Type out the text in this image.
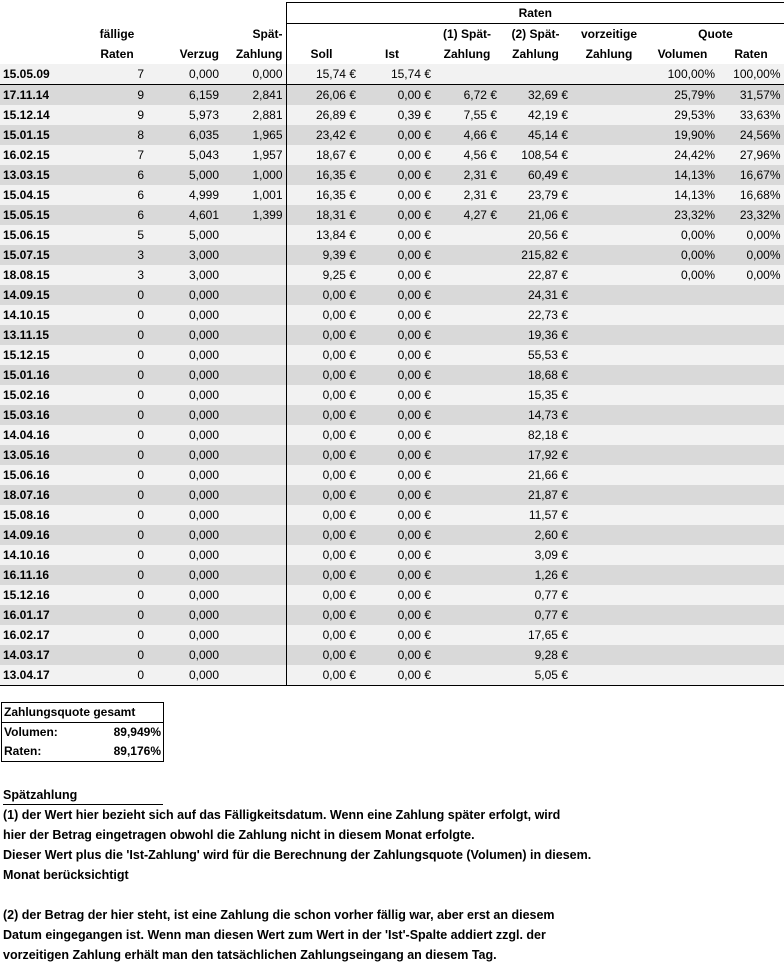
				Raten						
	fällige		Spät-			(1) Spät-	(2) Spät-	vorzeitige	Quote	
	Raten	Verzug	Zahlung	Soll	Ist	Zahlung	Zahlung	Zahlung	Volumen	Raten
15.05.09	7	0,000	0,000	15,74 €	15,74 €				100,00%	100,00%
17.11.14	9	6,159	2,841	26,06 €	0,00 €	6,72 €	32,69 €		25,79%	31,57%
15.12.14	9	5,973	2,881	26,89 €	0,39 €	7,55 €	42,19 €		29,53%	33,63%
15.01.15	8	6,035	1,965	23,42 €	0,00 €	4,66 €	45,14 €		19,90%	24,56%
16.02.15	7	5,043	1,957	18,67 €	0,00 €	4,56 €	108,54 €		24,42%	27,96%
13.03.15	6	5,000	1,000	16,35 €	0,00 €	2,31 €	60,49 €		14,13%	16,67%
15.04.15	6	4,999	1,001	16,35 €	0,00 €	2,31 €	23,79 €		14,13%	16,68%
15.05.15	6	4,601	1,399	18,31 €	0,00 €	4,27 €	21,06 €		23,32%	23,32%
15.06.15	5	5,000		13,84 €	0,00 €		20,56 €		0,00%	0,00%
15.07.15	3	3,000		9,39 €	0,00 €		215,82 €		0,00%	0,00%
18.08.15	3	3,000		9,25 €	0,00 €		22,87 €		0,00%	0,00%
14.09.15	0	0,000		0,00 €	0,00 €		24,31 €			
14.10.15	0	0,000		0,00 €	0,00 €		22,73 €			
13.11.15	0	0,000		0,00 €	0,00 €		19,36 €			
15.12.15	0	0,000		0,00 €	0,00 €		55,53 €			
15.01.16	0	0,000		0,00 €	0,00 €		18,68 €			
15.02.16	0	0,000		0,00 €	0,00 €		15,35 €			
15.03.16	0	0,000		0,00 €	0,00 €		14,73 €			
14.04.16	0	0,000		0,00 €	0,00 €		82,18 €			
13.05.16	0	0,000		0,00 €	0,00 €		17,92 €			
15.06.16	0	0,000		0,00 €	0,00 €		21,66 €			
18.07.16	0	0,000		0,00 €	0,00 €		21,87 €			
15.08.16	0	0,000		0,00 €	0,00 €		11,57 €			
14.09.16	0	0,000		0,00 €	0,00 €		2,60 €			
14.10.16	0	0,000		0,00 €	0,00 €		3,09 €			
16.11.16	0	0,000		0,00 €	0,00 €		1,26 €			
15.12.16	0	0,000		0,00 €	0,00 €		0,77 €			
16.01.17	0	0,000		0,00 €	0,00 €		0,77 €			
16.02.17	0	0,000		0,00 €	0,00 €		17,65 €			
14.03.17	0	0,000		0,00 €	0,00 €		9,28 €			
13.04.17	0	0,000		0,00 €	0,00 €		5,05 €			
Zahlungsquote gesamt	
Volumen:	89,949%
Raten:	89,176%

Spätzahlung

(1) der Wert hier bezieht sich auf das Fälligkeitsdatum. Wenn eine Zahlung später erfolgt, wird

hier der Betrag eingetragen obwohl die Zahlung nicht in diesem Monat erfolgte.

Dieser Wert plus die 'Ist-Zahlung' wird für die Berechnung der Zahlungsquote (Volumen) in diesem.

Monat berücksichtigt

(2) der Betrag der hier steht, ist eine Zahlung die schon vorher fällig war, aber erst an diesem

Datum eingegangen ist. Wenn man diesen Wert zum Wert in der 'Ist'-Spalte addiert zzgl. der

vorzeitigen Zahlung erhält man den tatsächlichen Zahlungseingang an diesem Tag.
